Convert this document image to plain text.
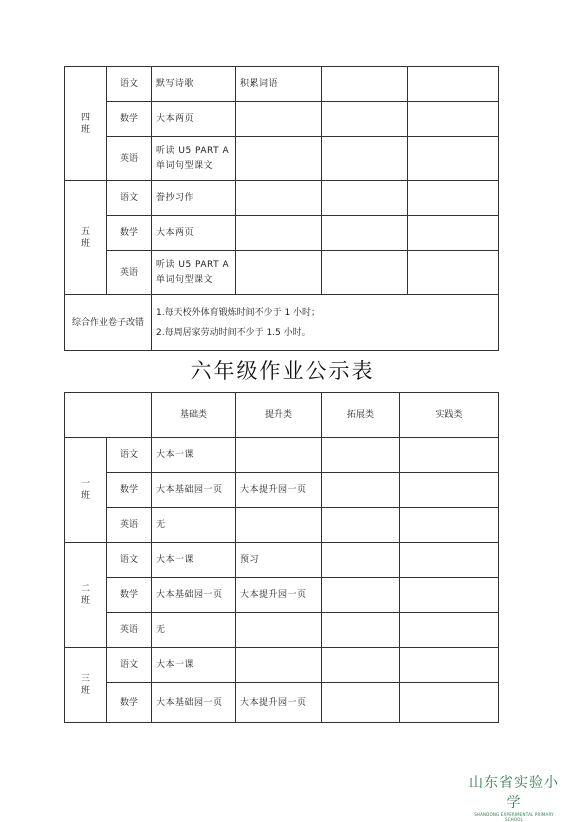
四班	语文	默写诗歌	积累词语		
	数学	大本两页			
	英语	听读 U5 PART A 单词句型课文			

五班	语文	誊抄习作			
	数学	大本两页			
	英语	听读 U5 PART A 单词句型课文			
综合作业卷子改错		1.每天校外体育锻炼时间不少于 1 小时；
2.每周居家劳动时间不少于 1.5 小时。			
六年级作业公示表
		基础类	提升类	拓展类	实践类

一班	语文	大本一课			
	数学	大本基础园一页	大本提升园一页		
	英语	无			

二班	语文	大本一课	预习		
	数学	大本基础园一页	大本提升园一页		
	英语	无			

三班	语文	大本一课			
	数学	大本基础园一页	大本提升园一页		
山东省实验小学
SHANDONG EXPERIMENTAL PRIMARY SCHOOL
